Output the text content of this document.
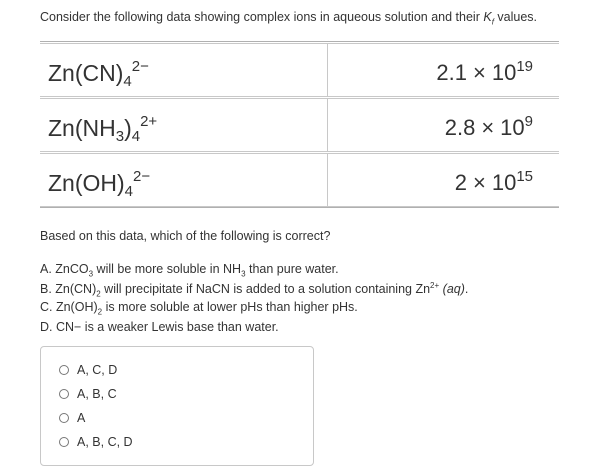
Consider the following data showing complex ions in aqueous solution and their $K_f$ values.
$Zn(CN)_4^{2-}$	$2.1 \times 10^{19}$
$Zn(NH_3)_4^{2+}$	$2.8 \times 10^9$
$Zn(OH)_4^{2-}$	$2 \times 10^{15}$
Based on this data, which of the following is correct?
A. ZnCO$_3$ will be more soluble in $NH_3$ than pure water.
B. $Zn(CN)_2$ will precipitate if NaCN is added to a solution containing $Zn^{2+}$ (aq).
C. $Zn(OH)_2$ is more soluble at lower pHs than higher pHs.
D. CN− is a weaker Lewis base than water.
A, C, D
A, B, C
A
A, B, C, D
